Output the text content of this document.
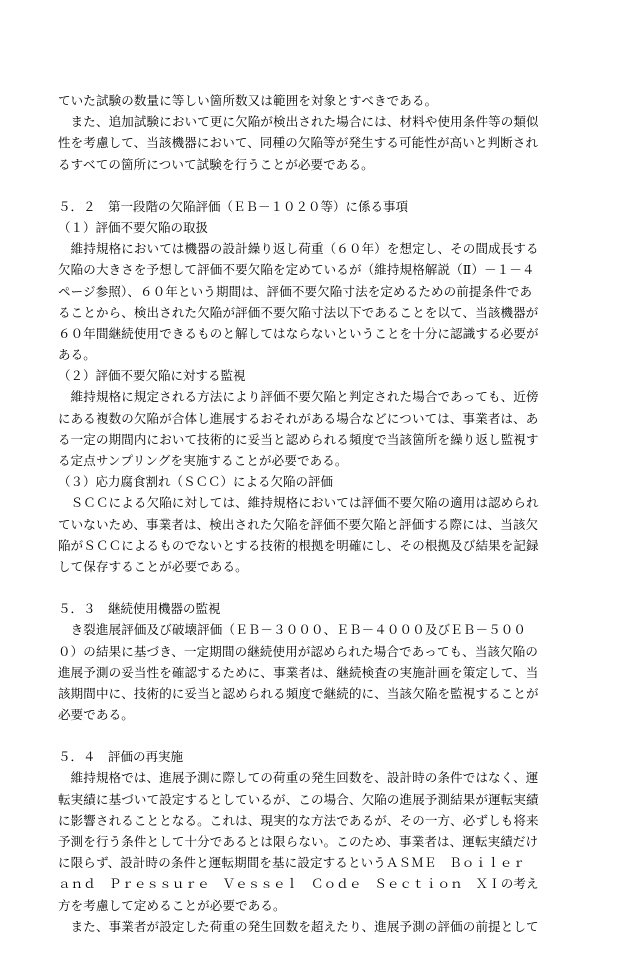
ていた試験の数量に等しい箇所数又は範囲を対象とすべきである。
　また、追加試験において更に欠陥が検出された場合には、材料や使用条件等の類似
性を考慮して、当該機器において、同種の欠陥等が発生する可能性が高いと判断され
るすべての箇所について試験を行うことが必要である。
５．２　第一段階の欠陥評価（ＥＢ－１０２０等）に係る事項
（１）評価不要欠陥の取扱
　維持規格においては機器の設計繰り返し荷重（６０年）を想定し、その間成長する
欠陥の大きさを予想して評価不要欠陥を定めているが（維持規格解説（Ⅱ）－１－４
ページ参照）、６０年という期間は、評価不要欠陥寸法を定めるための前提条件であ
ることから、検出された欠陥が評価不要欠陥寸法以下であることを以て、当該機器が
６０年間継続使用できるものと解してはならないということを十分に認識する必要が
ある。
（２）評価不要欠陥に対する監視
　維持規格に規定される方法により評価不要欠陥と判定された場合であっても、近傍
にある複数の欠陥が合体し進展するおそれがある場合などについては、事業者は、あ
る一定の期間内において技術的に妥当と認められる頻度で当該箇所を繰り返し監視す
る定点サンプリングを実施することが必要である。
（３）応力腐食割れ（ＳＣＣ）による欠陥の評価
　ＳＣＣによる欠陥に対しては、維持規格においては評価不要欠陥の適用は認められ
ていないため、事業者は、検出された欠陥を評価不要欠陥と評価する際には、当該欠
陥がＳＣＣによるものでないとする技術的根拠を明確にし、その根拠及び結果を記録
して保存することが必要である。
５．３　継続使用機器の監視
　き裂進展評価及び破壊評価（ＥＢ－３０００、ＥＢ－４０００及びＥＢ－５００
０）の結果に基づき、一定期間の継続使用が認められた場合であっても、当該欠陥の
進展予測の妥当性を確認するために、事業者は、継続検査の実施計画を策定して、当
該期間中に、技術的に妥当と認められる頻度で継続的に、当該欠陥を監視することが
必要である。
５．４　評価の再実施
　維持規格では、進展予測に際しての荷重の発生回数を、設計時の条件ではなく、運
転実績に基づいて設定するとしているが、この場合、欠陥の進展予測結果が運転実績
に影響されることとなる。これは、現実的な方法であるが、その一方、必ずしも将来
予測を行う条件として十分であるとは限らない。このため、事業者は、運転実績だけ
に限らず、設計時の条件と運転期間を基に設定するというＡＳＭＥ　Ｂｏｉｌｅｒ
ａｎｄ　Ｐｒｅｓｓｕｒｅ　Ｖｅｓｓｅｌ　Ｃｏｄｅ　Ｓｅｃｔｉｏｎ　ＸＩの考え
方を考慮して定めることが必要である。
　また、事業者が設定した荷重の発生回数を超えたり、進展予測の評価の前提として
